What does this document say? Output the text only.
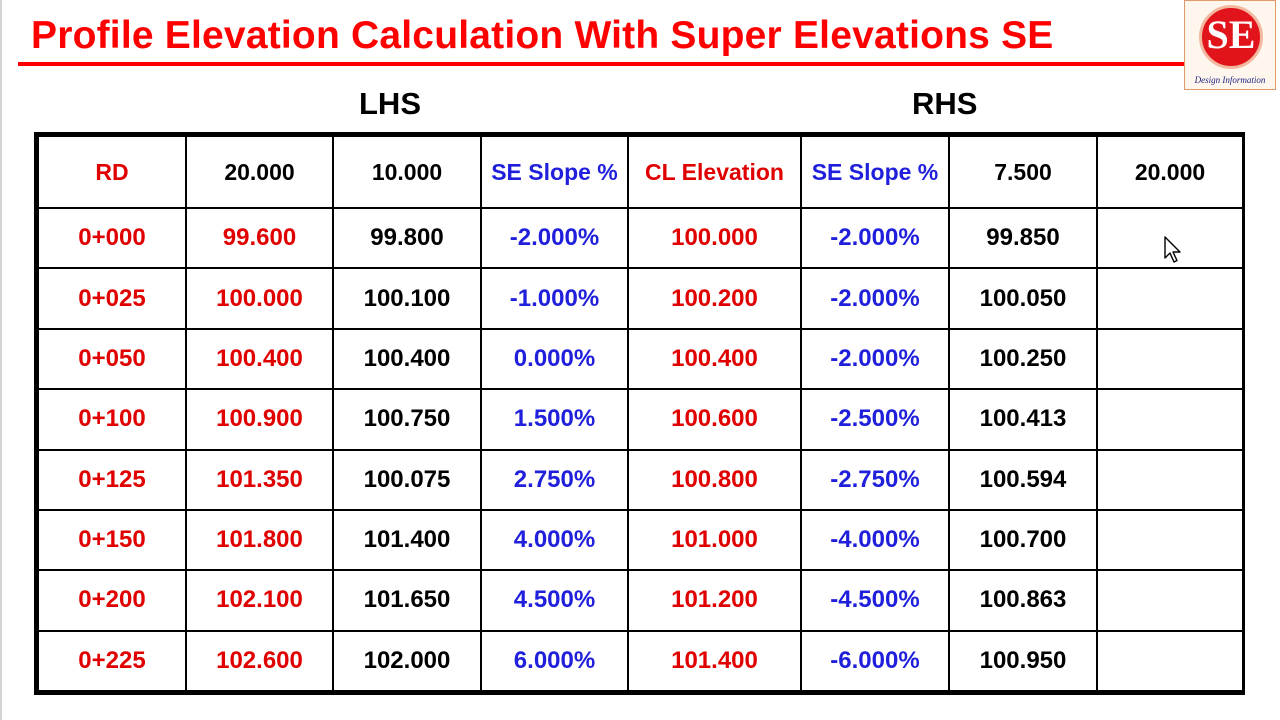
Profile Elevation Calculation With Super Elevations SE	SE
Design Information
LHS	RHS
RD	20.000	10.000	SE Slope %	CL Elevation	SE Slope %	7.500	20.000
0+000	99.600	99.800	-2.000%	100.000	-2.000%	99.850	
0+025	100.000	100.100	-1.000%	100.200	-2.000%	100.050	
0+050	100.400	100.400	0.000%	100.400	-2.000%	100.250	
0+100	100.900	100.750	1.500%	100.600	-2.500%	100.413	
0+125	101.350	100.075	2.750%	100.800	-2.750%	100.594	
0+150	101.800	101.400	4.000%	101.000	-4.000%	100.700	
0+200	102.100	101.650	4.500%	101.200	-4.500%	100.863	
0+225	102.600	102.000	6.000%	101.400	-6.000%	100.950	
